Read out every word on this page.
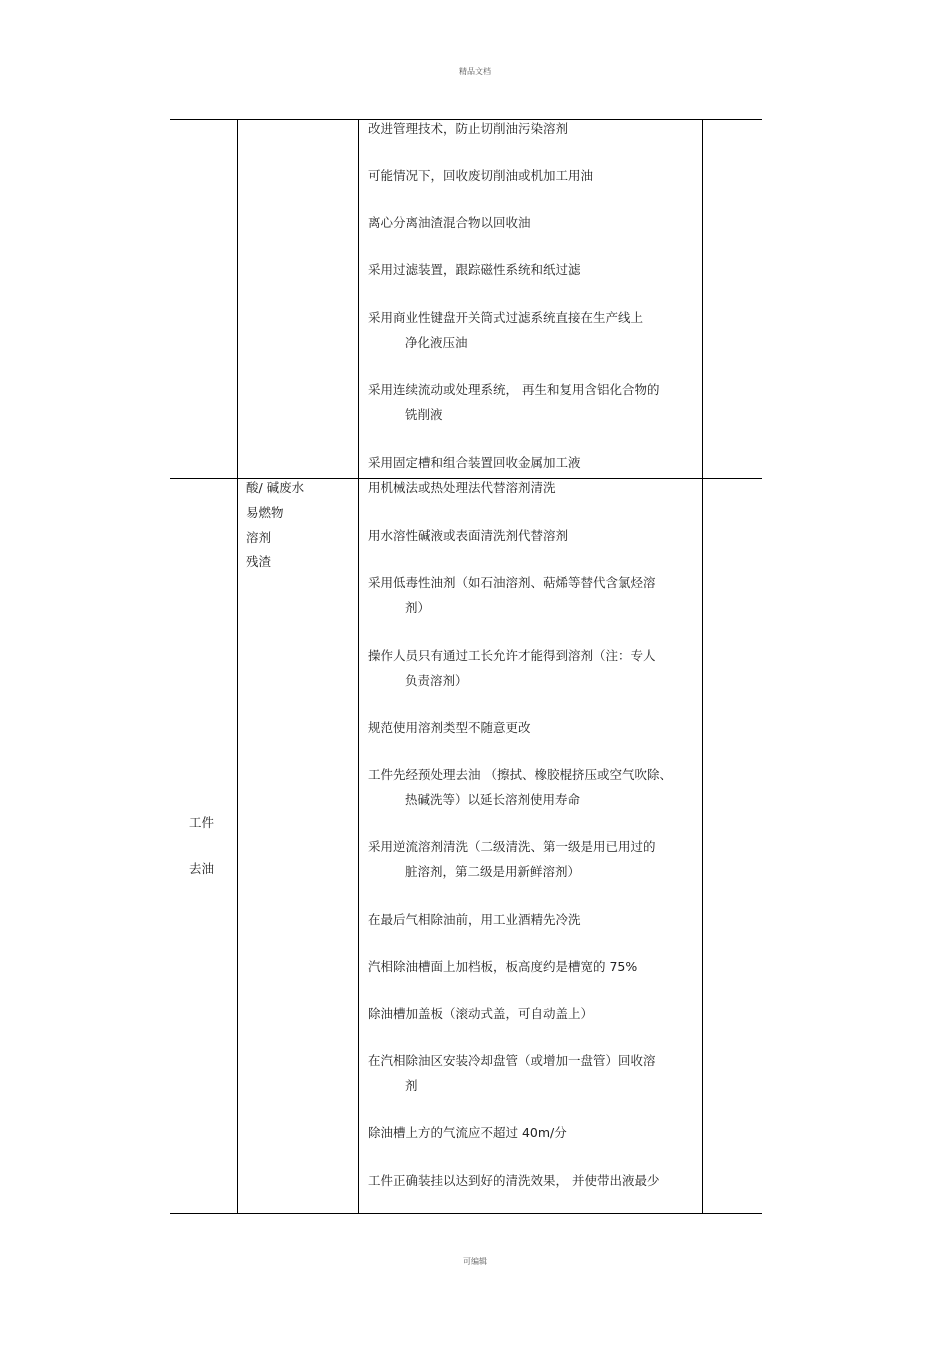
精品文档
改进管理技术，防止切削油污染溶剂
可能情况下，回收废切削油或机加工用油
离心分离油渣混合物以回收油
采用过滤装置，跟踪磁性系统和纸过滤
采用商业性键盘开关筒式过滤系统直接在生产线上
净化液压油
采用连续流动或处理系统， 再生和复用含铝化合物的
铣削液
采用固定槽和组合装置回收金属加工液
工件
去油
酸/ 碱废水
易燃物
溶剂
残渣
用机械法或热处理法代替溶剂清洗
用水溶性碱液或表面清洗剂代替溶剂
采用低毒性油剂（如石油溶剂、萜烯等替代含氯烃溶
剂）
操作人员只有通过工长允许才能得到溶剂（注：专人
负责溶剂）
规范使用溶剂类型不随意更改
工件先经预处理去油 （擦拭、橡胶棍挤压或空气吹除、
热碱洗等）以延长溶剂使用寿命
采用逆流溶剂清洗（二级清洗、第一级是用已用过的
脏溶剂，第二级是用新鲜溶剂）
在最后气相除油前，用工业酒精先冷洗
汽相除油槽面上加档板，板高度约是槽宽的 75%
除油槽加盖板（滚动式盖，可自动盖上）
在汽相除油区安装冷却盘管（或增加一盘管）回收溶
剂
除油槽上方的气流应不超过 40m/分
工件正确装挂以达到好的清洗效果， 并使带出液最少
可编辑
